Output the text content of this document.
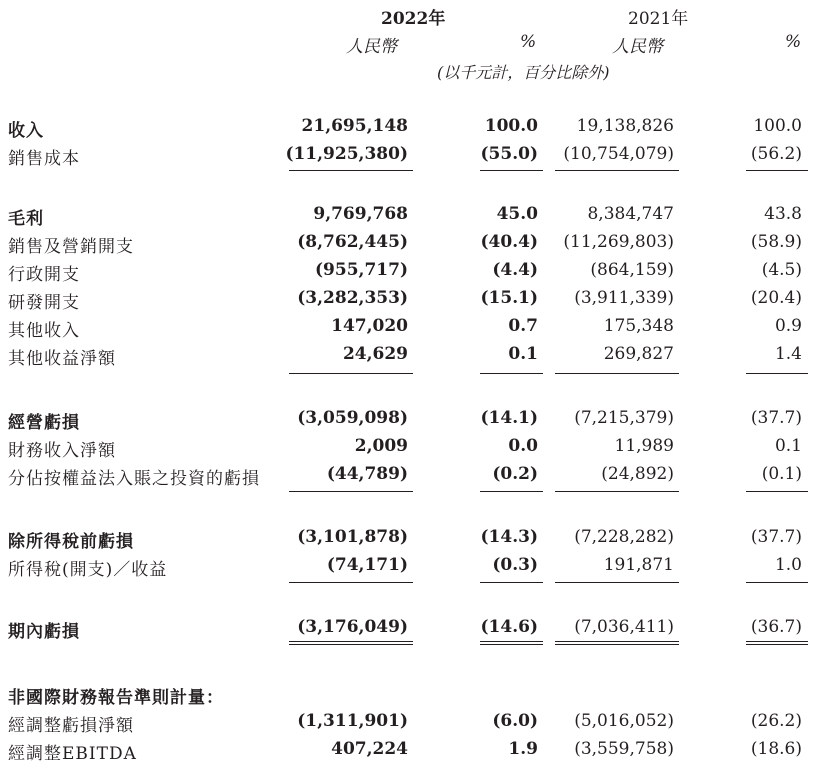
2022年	2021年
人民幣	%	人民幣	%
(以千元計，百分比除外)
收入	21,695,148	100.0 19,138,826	100.0
銷售成本	(11,925,380)	(55.0) (10,754,079)	(56.2)
毛利	9,769,768	45.0	8,384,747	43.8
銷售及營銷開支	(8,762,445)	(40.4) (11,269,803)	(58.9)
行政開支	(955,717)	(4.4)	(864,159)	(4.5)
研發開支	(3,282,353)	(15.1) (3,911,339)	(20.4)
其他收入	147,020	0.7	175,348	0.9
其他收益淨額	24,629	0.1	269,827	1.4
經營虧損	(3,059,098)	(14.1) (7,215,379)	(37.7)
財務收入淨額	2,009	0.0	11,989	0.1
分佔按權益法入賬之投資的虧損	(44,789)	(0.2)	(24,892)	(0.1)
除所得稅前虧損	(3,101,878)	(14.3) (7,228,282)	(37.7)
所得稅(開支)／收益	(74,171)	(0.3)	191,871	1.0
期內虧損	(3,176,049)	(14.6) (7,036,411)	(36.7)
非國際財務報告準則計量：
經調整虧損淨額	(1,311,901)	(6.0) (5,016,052)	(26.2)
經調整EBITDA	407,224	1.9 (3,559,758)	(18.6)
